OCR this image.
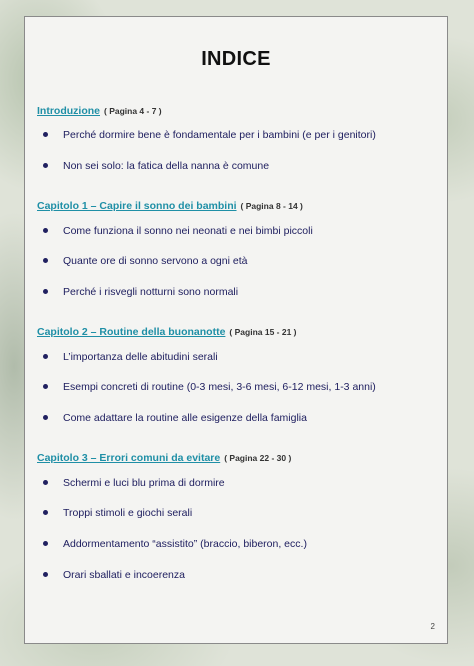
INDICE
Introduzione ( Pagina 4 - 7 )
Perché dormire bene è fondamentale per i bambini (e per i genitori)
Non sei solo: la fatica della nanna è comune
Capitolo 1 – Capire il sonno dei bambini ( Pagina 8 - 14 )
Come funziona il sonno nei neonati e nei bimbi piccoli
Quante ore di sonno servono a ogni età
Perché i risvegli notturni sono normali
Capitolo 2 – Routine della buonanotte ( Pagina 15 - 21 )
L’importanza delle abitudini serali
Esempi concreti di routine (0-3 mesi, 3-6 mesi, 6-12 mesi, 1-3 anni)
Come adattare la routine alle esigenze della famiglia
Capitolo 3 – Errori comuni da evitare ( Pagina 22 - 30 )
Schermi e luci blu prima di dormire
Troppi stimoli e giochi serali
Addormentamento “assistito” (braccio, biberon, ecc.)
Orari sballati e incoerenza
2
